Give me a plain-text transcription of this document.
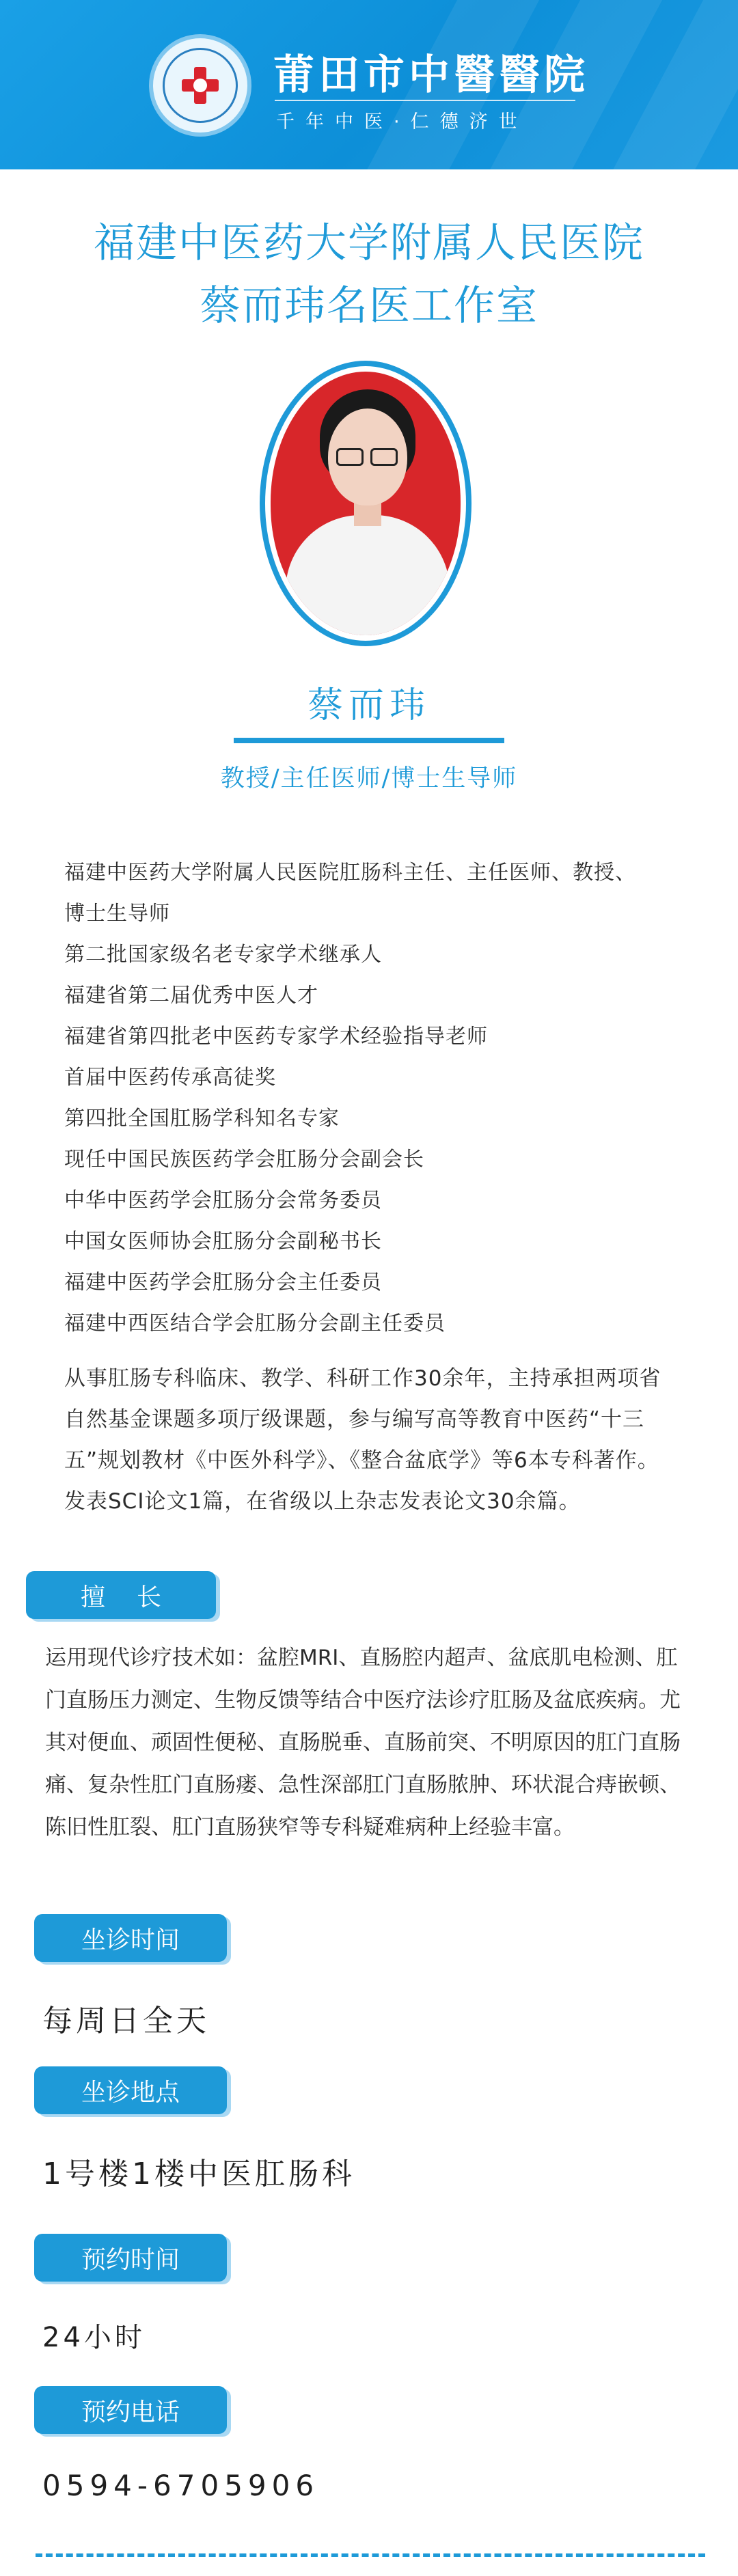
莆田市中醫醫院
千年中医·仁德济世
福建中医药大学附属人民医院
蔡而玮名医工作室
蔡而玮
教授/主任医师/博士生导师
福建中医药大学附属人民医院肛肠科主任、主任医师、教授、
博士生导师
第二批国家级名老专家学术继承人
福建省第二届优秀中医人才
福建省第四批老中医药专家学术经验指导老师
首届中医药传承高徒奖
第四批全国肛肠学科知名专家
现任中国民族医药学会肛肠分会副会长
中华中医药学会肛肠分会常务委员
中国女医师协会肛肠分会副秘书长
福建中医药学会肛肠分会主任委员
福建中西医结合学会肛肠分会副主任委员
从事肛肠专科临床、教学、科研工作30余年，主持承担两项省自然基金课题多项厅级课题，参与编写高等教育中医药“十三五”规划教材《中医外科学》、《整合盆底学》等6本专科著作。发表SCI论文1篇，在省级以上杂志发表论文30余篇。
擅长
运用现代诊疗技术如：盆腔MRI、直肠腔内超声、盆底肌电检测、肛门直肠压力测定、生物反馈等结合中医疗法诊疗肛肠及盆底疾病。尤其对便血、顽固性便秘、直肠脱垂、直肠前突、不明原因的肛门直肠痛、复杂性肛门直肠瘘、急性深部肛门直肠脓肿、环状混合痔嵌顿、陈旧性肛裂、肛门直肠狭窄等专科疑难病种上经验丰富。
坐诊时间
每周日全天
坐诊地点
1号楼1楼中医肛肠科
预约时间
24小时
预约电话
0594-6705906
